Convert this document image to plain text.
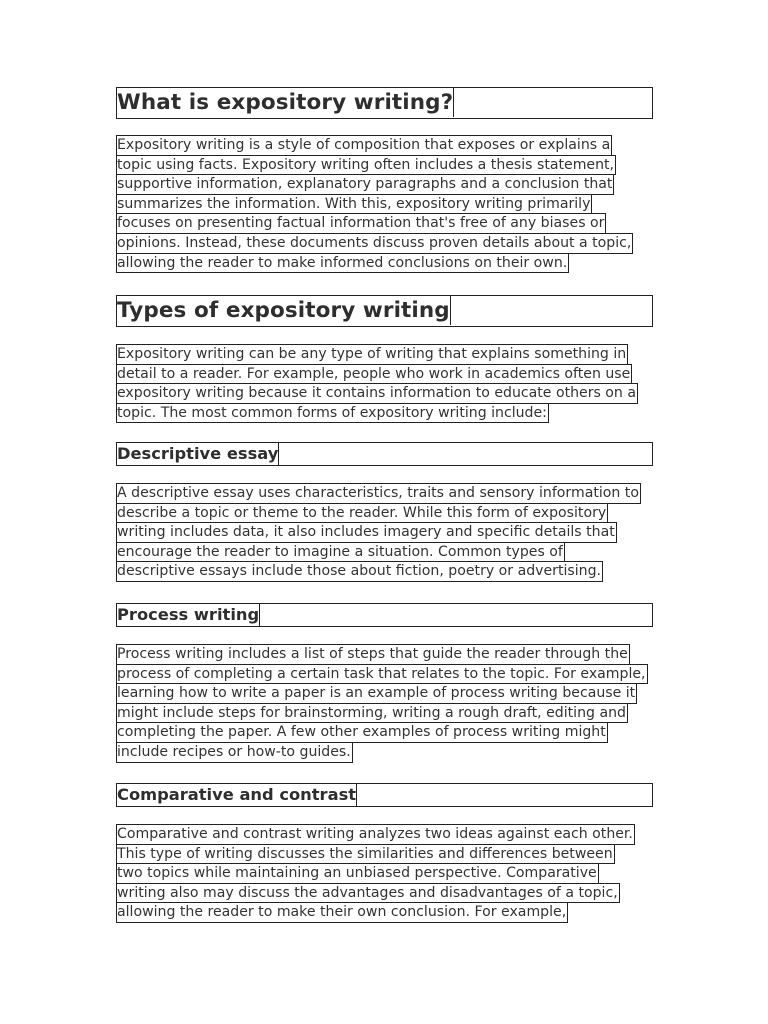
What is expository writing?
Expository writing is a style of composition that exposes or explains a
topic using facts. Expository writing often includes a thesis statement,
supportive information, explanatory paragraphs and a conclusion that
summarizes the information. With this, expository writing primarily
focuses on presenting factual information that's free of any biases or
opinions. Instead, these documents discuss proven details about a topic,
allowing the reader to make informed conclusions on their own.
Types of expository writing
Expository writing can be any type of writing that explains something in
detail to a reader. For example, people who work in academics often use
expository writing because it contains information to educate others on a
topic. The most common forms of expository writing include:
Descriptive essay
A descriptive essay uses characteristics, traits and sensory information to
describe a topic or theme to the reader. While this form of expository
writing includes data, it also includes imagery and specific details that
encourage the reader to imagine a situation. Common types of
descriptive essays include those about fiction, poetry or advertising.
Process writing
Process writing includes a list of steps that guide the reader through the
process of completing a certain task that relates to the topic. For example,
learning how to write a paper is an example of process writing because it
might include steps for brainstorming, writing a rough draft, editing and
completing the paper. A few other examples of process writing might
include recipes or how-to guides.
Comparative and contrast
Comparative and contrast writing analyzes two ideas against each other.
This type of writing discusses the similarities and differences between
two topics while maintaining an unbiased perspective. Comparative
writing also may discuss the advantages and disadvantages of a topic,
allowing the reader to make their own conclusion. For example,
